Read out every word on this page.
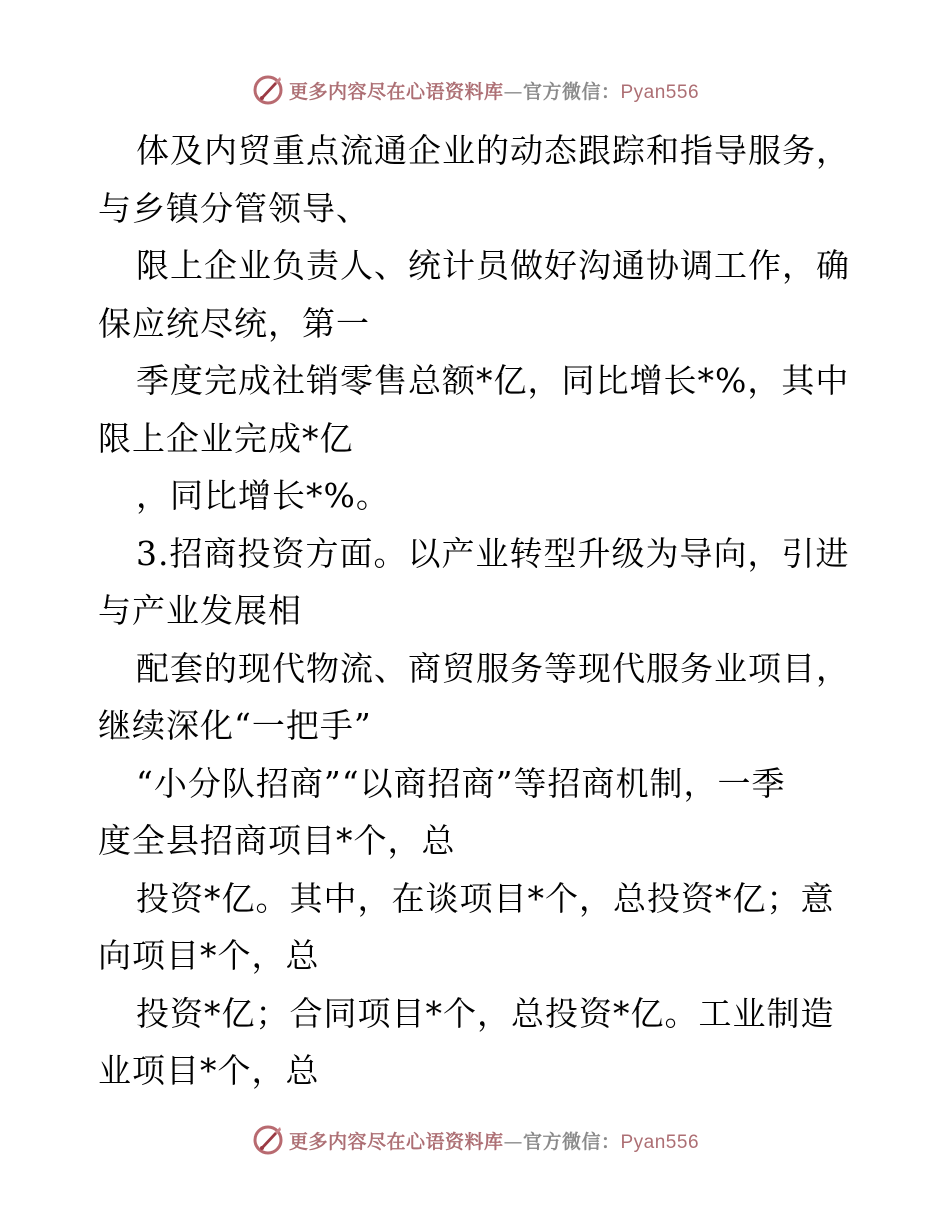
更多内容尽在心语资料库—官方微信：Pyan556
体及内贸重点流通企业的动态跟踪和指导服务，
与乡镇分管领导、
限上企业负责人、统计员做好沟通协调工作，确
保应统尽统，第一
季度完成社销零售总额*亿，同比增长*%，其中
限上企业完成*亿
，同比增长*%。
3.招商投资方面。以产业转型升级为导向，引进
与产业发展相
配套的现代物流、商贸服务等现代服务业项目，
继续深化“一把手”
“小分队招商”“以商招商”等招商机制，一季
度全县招商项目*个，总
投资*亿。其中，在谈项目*个，总投资*亿；意
向项目*个，总
投资*亿；合同项目*个，总投资*亿。工业制造
业项目*个，总
更多内容尽在心语资料库—官方微信：Pyan556
